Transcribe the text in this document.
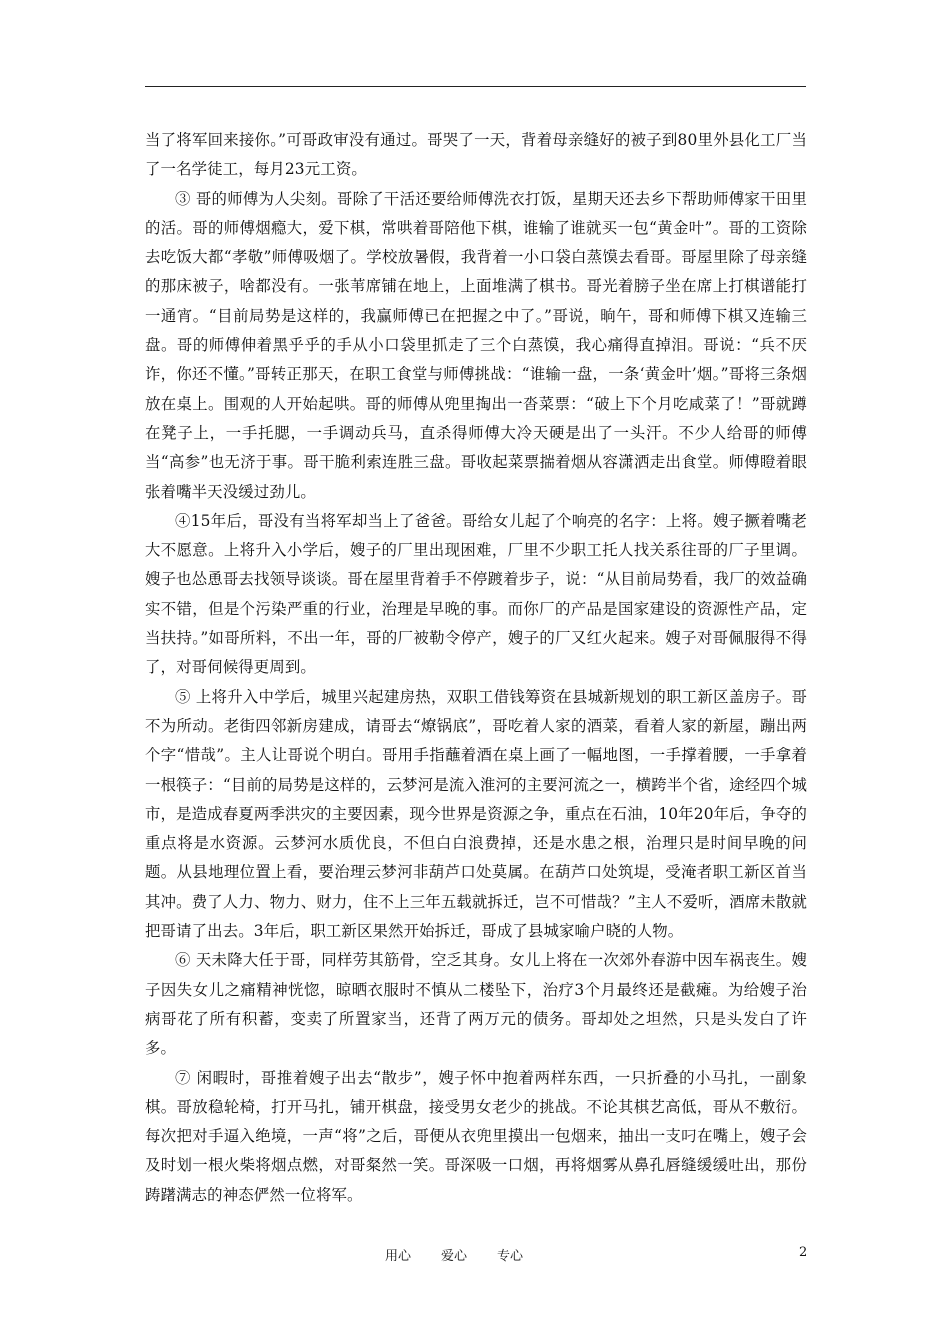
当了将军回来接你。”可哥政审没有通过。哥哭了一天，背着母亲缝好的被子到80里外县化工厂当了一名学徒工，每月23元工资。

③ 哥的师傅为人尖刻。哥除了干活还要给师傅洗衣打饭，星期天还去乡下帮助师傅家干田里的活。哥的师傅烟瘾大，爱下棋，常哄着哥陪他下棋，谁输了谁就买一包“黄金叶”。哥的工资除去吃饭大都“孝敬”师傅吸烟了。学校放暑假，我背着一小口袋白蒸馍去看哥。哥屋里除了母亲缝的那床被子，啥都没有。一张苇席铺在地上，上面堆满了棋书。哥光着膀子坐在席上打棋谱能打一通宵。“目前局势是这样的，我赢师傅已在把握之中了。”哥说，晌午，哥和师傅下棋又连输三盘。哥的师傅伸着黑乎乎的手从小口袋里抓走了三个白蒸馍，我心痛得直掉泪。哥说：“兵不厌诈，你还不懂。”哥转正那天，在职工食堂与师傅挑战：“谁输一盘，一条‘黄金叶’烟。”哥将三条烟放在桌上。围观的人开始起哄。哥的师傅从兜里掏出一沓菜票：“破上下个月吃咸菜了！”哥就蹲在凳子上，一手托腮，一手调动兵马，直杀得师傅大冷天硬是出了一头汗。不少人给哥的师傅当“高参”也无济于事。哥干脆利索连胜三盘。哥收起菜票揣着烟从容潇洒走出食堂。师傅瞪着眼张着嘴半天没缓过劲儿。

④15年后，哥没有当将军却当上了爸爸。哥给女儿起了个响亮的名字：上将。嫂子撅着嘴老大不愿意。上将升入小学后，嫂子的厂里出现困难，厂里不少职工托人找关系往哥的厂子里调。嫂子也怂恿哥去找领导谈谈。哥在屋里背着手不停踱着步子，说：“从目前局势看，我厂的效益确实不错，但是个污染严重的行业，治理是早晚的事。而你厂的产品是国家建设的资源性产品，定当扶持。”如哥所料，不出一年，哥的厂被勒令停产，嫂子的厂又红火起来。嫂子对哥佩服得不得了，对哥伺候得更周到。

⑤ 上将升入中学后，城里兴起建房热，双职工借钱筹资在县城新规划的职工新区盖房子。哥不为所动。老街四邻新房建成，请哥去“燎锅底”，哥吃着人家的酒菜，看着人家的新屋，蹦出两个字“惜哉”。主人让哥说个明白。哥用手指蘸着酒在桌上画了一幅地图，一手撑着腰，一手拿着一根筷子：“目前的局势是这样的，云梦河是流入淮河的主要河流之一，横跨半个省，途经四个城市，是造成春夏两季洪灾的主要因素，现今世界是资源之争，重点在石油，10年20年后，争夺的重点将是水资源。云梦河水质优良，不但白白浪费掉，还是水患之根，治理只是时间早晚的问题。从县地理位置上看，要治理云梦河非葫芦口处莫属。在葫芦口处筑堤，受淹者职工新区首当其冲。费了人力、物力、财力，住不上三年五载就拆迁，岂不可惜哉？”主人不爱听，酒席未散就把哥请了出去。3年后，职工新区果然开始拆迁，哥成了县城家喻户晓的人物。

⑥ 天未降大任于哥，同样劳其筋骨，空乏其身。女儿上将在一次郊外春游中因车祸丧生。嫂子因失女儿之痛精神恍惚，晾晒衣服时不慎从二楼坠下，治疗3个月最终还是截瘫。为给嫂子治病哥花了所有积蓄，变卖了所置家当，还背了两万元的债务。哥却处之坦然，只是头发白了许多。

⑦ 闲暇时，哥推着嫂子出去“散步”，嫂子怀中抱着两样东西，一只折叠的小马扎，一副象棋。哥放稳轮椅，打开马扎，铺开棋盘，接受男女老少的挑战。不论其棋艺高低，哥从不敷衍。每次把对手逼入绝境，一声“将”之后，哥便从衣兜里摸出一包烟来，抽出一支叼在嘴上，嫂子会及时划一根火柴将烟点燃，对哥粲然一笑。哥深吸一口烟，再将烟雾从鼻孔唇缝缓缓吐出，那份踌躇满志的神态俨然一位将军。

用心 爱心 专心	2
